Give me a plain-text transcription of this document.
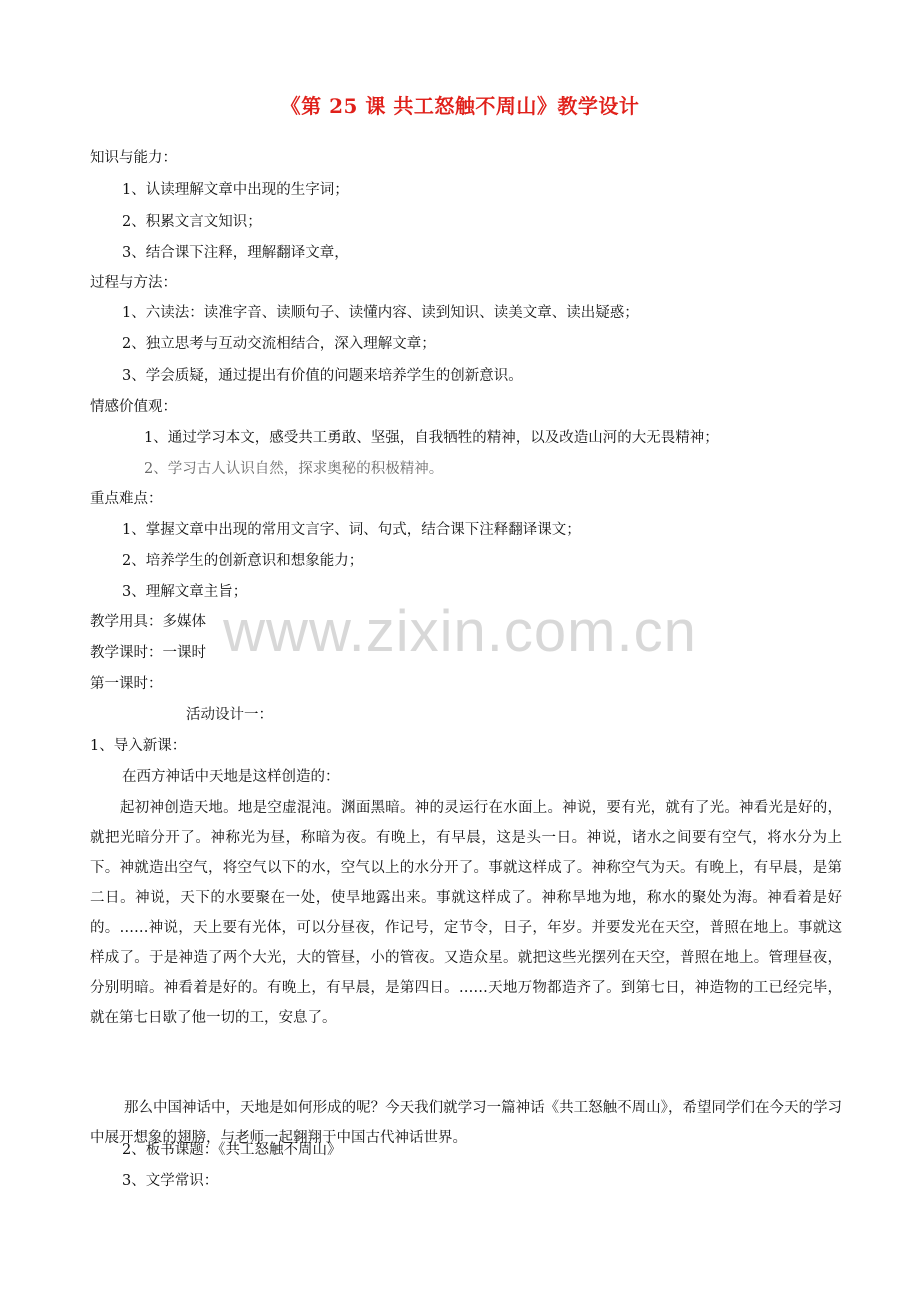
www.zixin.com.cn
《第 25 课 共工怒触不周山》教学设计
知识与能力：
1、认读理解文章中出现的生字词；
2、积累文言文知识；
3、结合课下注释，理解翻译文章，
过程与方法：
1、六读法：读准字音、读顺句子、读懂内容、读到知识、读美文章、读出疑惑；
2、独立思考与互动交流相结合，深入理解文章；
3、学会质疑，通过提出有价值的问题来培养学生的创新意识。
情感价值观：
1、通过学习本文，感受共工勇敢、坚强，自我牺牲的精神，以及改造山河的大无畏精神；
2、学习古人认识自然，探求奥秘的积极精神。
重点难点：
1、掌握文章中出现的常用文言字、词、句式，结合课下注释翻译课文；
2、培养学生的创新意识和想象能力；
3、理解文章主旨；
教学用具：多媒体
教学课时：一课时
第一课时：
活动设计一：
1、导入新课：
在西方神话中天地是这样创造的：
起初神创造天地。地是空虚混沌。渊面黑暗。神的灵运行在水面上。神说，要有光，就有了光。神看光是好的，就把光暗分开了。神称光为昼，称暗为夜。有晚上，有早晨，这是头一日。神说，诸水之间要有空气，将水分为上下。神就造出空气，将空气以下的水，空气以上的水分开了。事就这样成了。神称空气为天。有晚上，有早晨，是第二日。神说，天下的水要聚在一处，使旱地露出来。事就这样成了。神称旱地为地，称水的聚处为海。神看着是好的。……神说，天上要有光体，可以分昼夜，作记号，定节令，日子，年岁。并要发光在天空，普照在地上。事就这样成了。于是神造了两个大光，大的管昼，小的管夜。又造众星。就把这些光摆列在天空，普照在地上。管理昼夜，分别明暗。神看着是好的。有晚上，有早晨，是第四日。……天地万物都造齐了。到第七日，神造物的工已经完毕，就在第七日歇了他一切的工，安息了。
那么中国神话中，天地是如何形成的呢？今天我们就学习一篇神话《共工怒触不周山》，希望同学们在今天的学习中展开想象的翅膀，与老师一起翱翔于中国古代神话世界。
2、板书课题：《共工怒触不周山》
3、文学常识：
